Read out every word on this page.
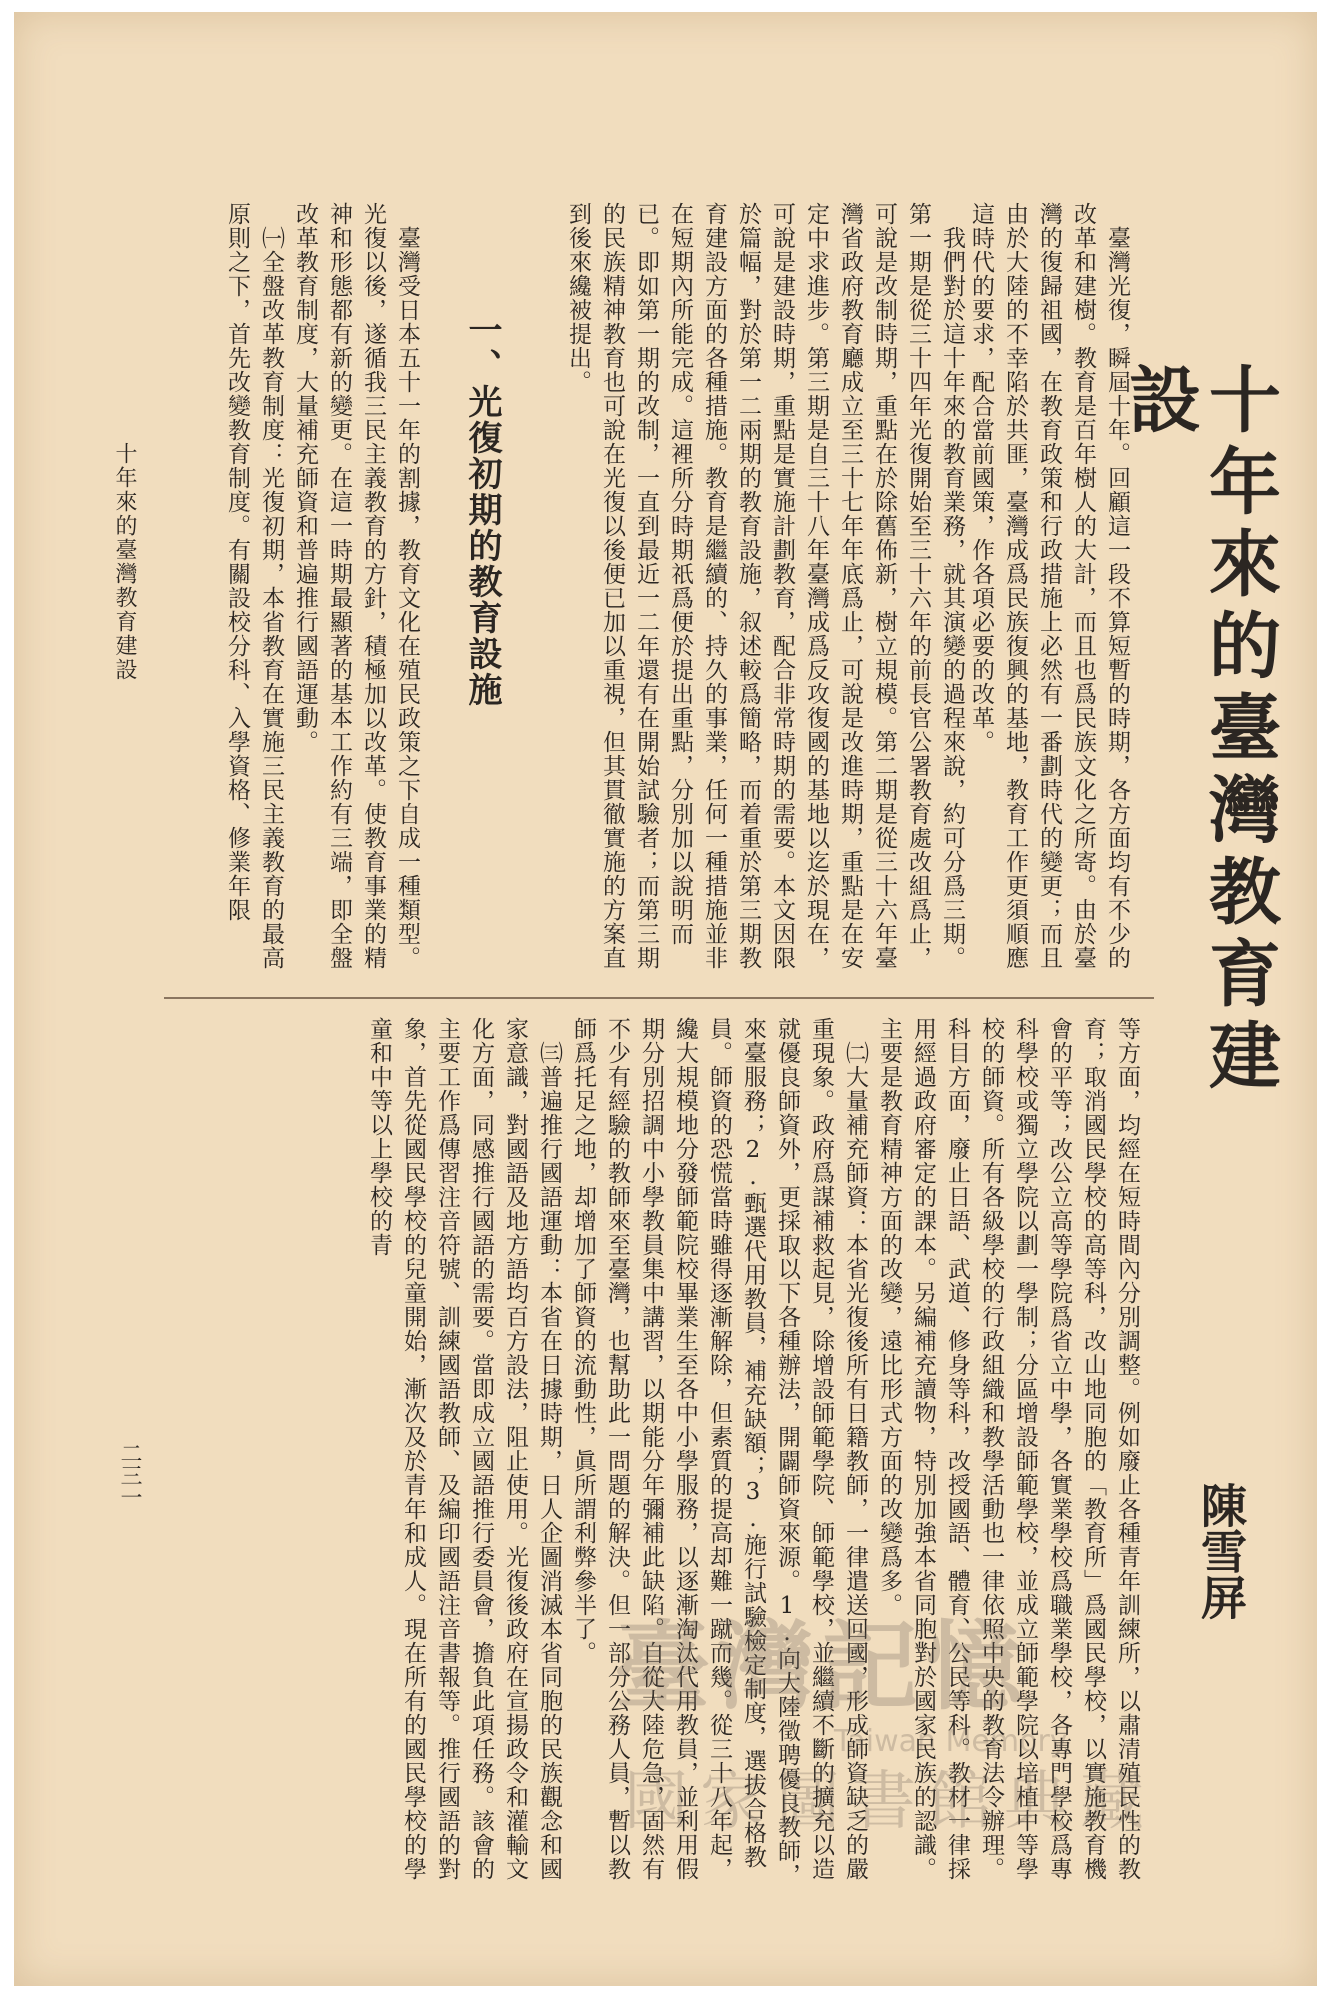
十年來的臺灣教育建設
陳雪屏
　臺灣光復，瞬屆十年。回顧這一段不算短暫的時期，各方面均有不少的改革和建樹。教育是百年樹人的大計，而且也爲民族文化之所寄。由於臺灣的復歸祖國，在教育政策和行政措施上必然有一番劃時代的變更；而且由於大陸的不幸陷於共匪，臺灣成爲民族復興的基地，教育工作更須順應這時代的要求，配合當前國策，作各項必要的改革。
　我們對於這十年來的教育業務，就其演變的過程來說，約可分爲三期。第一期是從三十四年光復開始至三十六年的前長官公署教育處改組爲止，可說是改制時期，重點在於除舊佈新，樹立規模。第二期是從三十六年臺灣省政府教育廳成立至三十七年年底爲止，可說是改進時期，重點是在安定中求進步。第三期是自三十八年臺灣成爲反攻復國的基地以迄於現在，可說是建設時期，重點是實施計劃教育，配合非常時期的需要。本文因限於篇幅，對於第一二兩期的教育設施，叙述較爲簡略，而着重於第三期教育建設方面的各種措施。教育是繼續的、持久的事業，任何一種措施並非在短期內所能完成。這裡所分時期祇爲便於提出重點，分別加以說明而已。即如第一期的改制，一直到最近一二年還有在開始試驗者；而第三期的民族精神教育也可說在光復以後便已加以重視，但其貫徹實施的方案直到後來纔被提出。
一、光復初期的教育設施
　臺灣受日本五十一年的割據，教育文化在殖民政策之下自成一種類型。光復以後，遂循我三民主義教育的方針，積極加以改革。使教育事業的精神和形態都有新的變更。在這一時期最顯著的基本工作約有三端，即全盤改革教育制度，大量補充師資和普遍推行國語運動。
　㈠全盤改革教育制度：光復初期，本省教育在實施三民主義教育的最高原則之下，首先改變教育制度。有關設校分科、入學資格、修業年限
等方面，均經在短時間內分別調整。例如廢止各種青年訓練所，以肅清殖民性的教育；取消國民學校的高等科，改山地同胞的「教育所」爲國民學校，以實施教育機會的平等；改公立高等學院爲省立中學，各實業學校爲職業學校，各專門學校爲專科學校或獨立學院以劃一學制；分區增設師範學校，並成立師範學院以培植中等學校的師資。所有各級學校的行政組織和教學活動也一律依照中央的教育法令辦理。科目方面，廢止日語、武道、修身等科，改授國語、體育、公民等科。教材一律採用經過政府審定的課本。另編補充讀物，特別加強本省同胞對於國家民族的認識。主要是教育精神方面的改變，遠比形式方面的改變爲多。
　㈡大量補充師資：本省光復後所有日籍教師，一律遣送回國，形成師資缺乏的嚴重現象。政府爲謀補救起見，除增設師範學院、師範學校，並繼續不斷的擴充以造就優良師資外，更採取以下各種辦法，開闢師資來源。1.向大陸徵聘優良教師，來臺服務；2.甄選代用教員，補充缺額；3.施行試驗檢定制度，選拔合格教員。師資的恐慌當時雖得逐漸解除，但素質的提高却難一蹴而幾。從三十八年起，纔大規模地分發師範院校畢業生至各中小學服務，以逐漸淘汰代用教員，並利用假期分別招調中小學教員集中講習，以期能分年彌補此缺陷。自從大陸危急，固然有不少有經驗的教師來至臺灣，也幫助此一問題的解決。但一部分公務人員，暫以教師爲托足之地，却增加了師資的流動性，眞所謂利弊參半了。
　㈢普遍推行國語運動：本省在日據時期，日人企圖消滅本省同胞的民族觀念和國家意識，對國語及地方語均百方設法，阻止使用。光復後政府在宣揚政令和灌輸文化方面，同感推行國語的需要。當即成立國語推行委員會，擔負此項任務。該會的主要工作爲傳習注音符號、訓練國語教師、及編印國語注音書報等。推行國語的對象，首先從國民學校的兒童開始，漸次及於青年和成人。現在所有的國民學校的學童和中等以上學校的青
十年來的臺灣教育建設
二三一
臺灣記憶
Taiwan Memory
國家圖書館典藏
